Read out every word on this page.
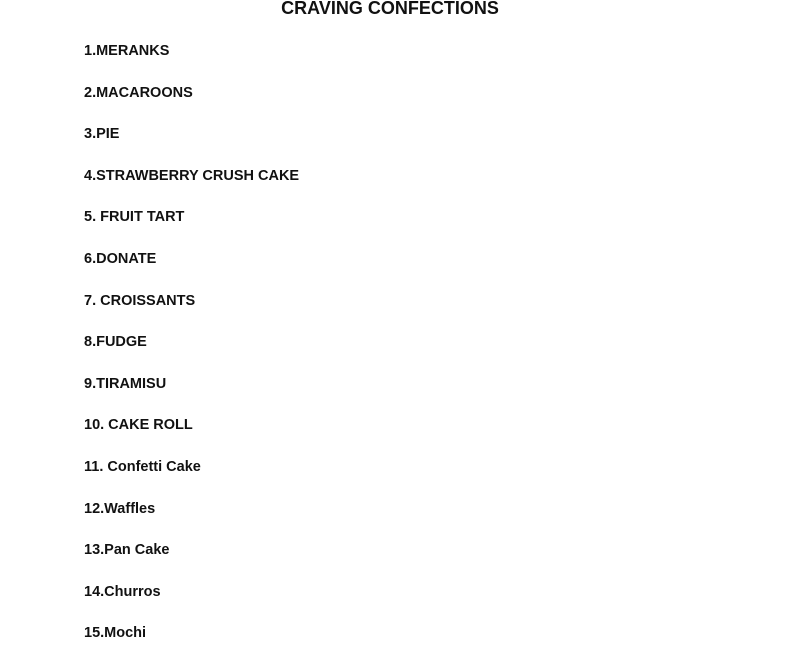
CRAVING CONFECTIONS
1.MERANKS
2.MACAROONS
3.PIE
4.STRAWBERRY CRUSH CAKE
5. FRUIT TART
6.DONATE
7. CROISSANTS
8.FUDGE
9.TIRAMISU
10. CAKE ROLL
11. Confetti Cake
12.Waffles
13.Pan Cake
14.Churros
15.Mochi
